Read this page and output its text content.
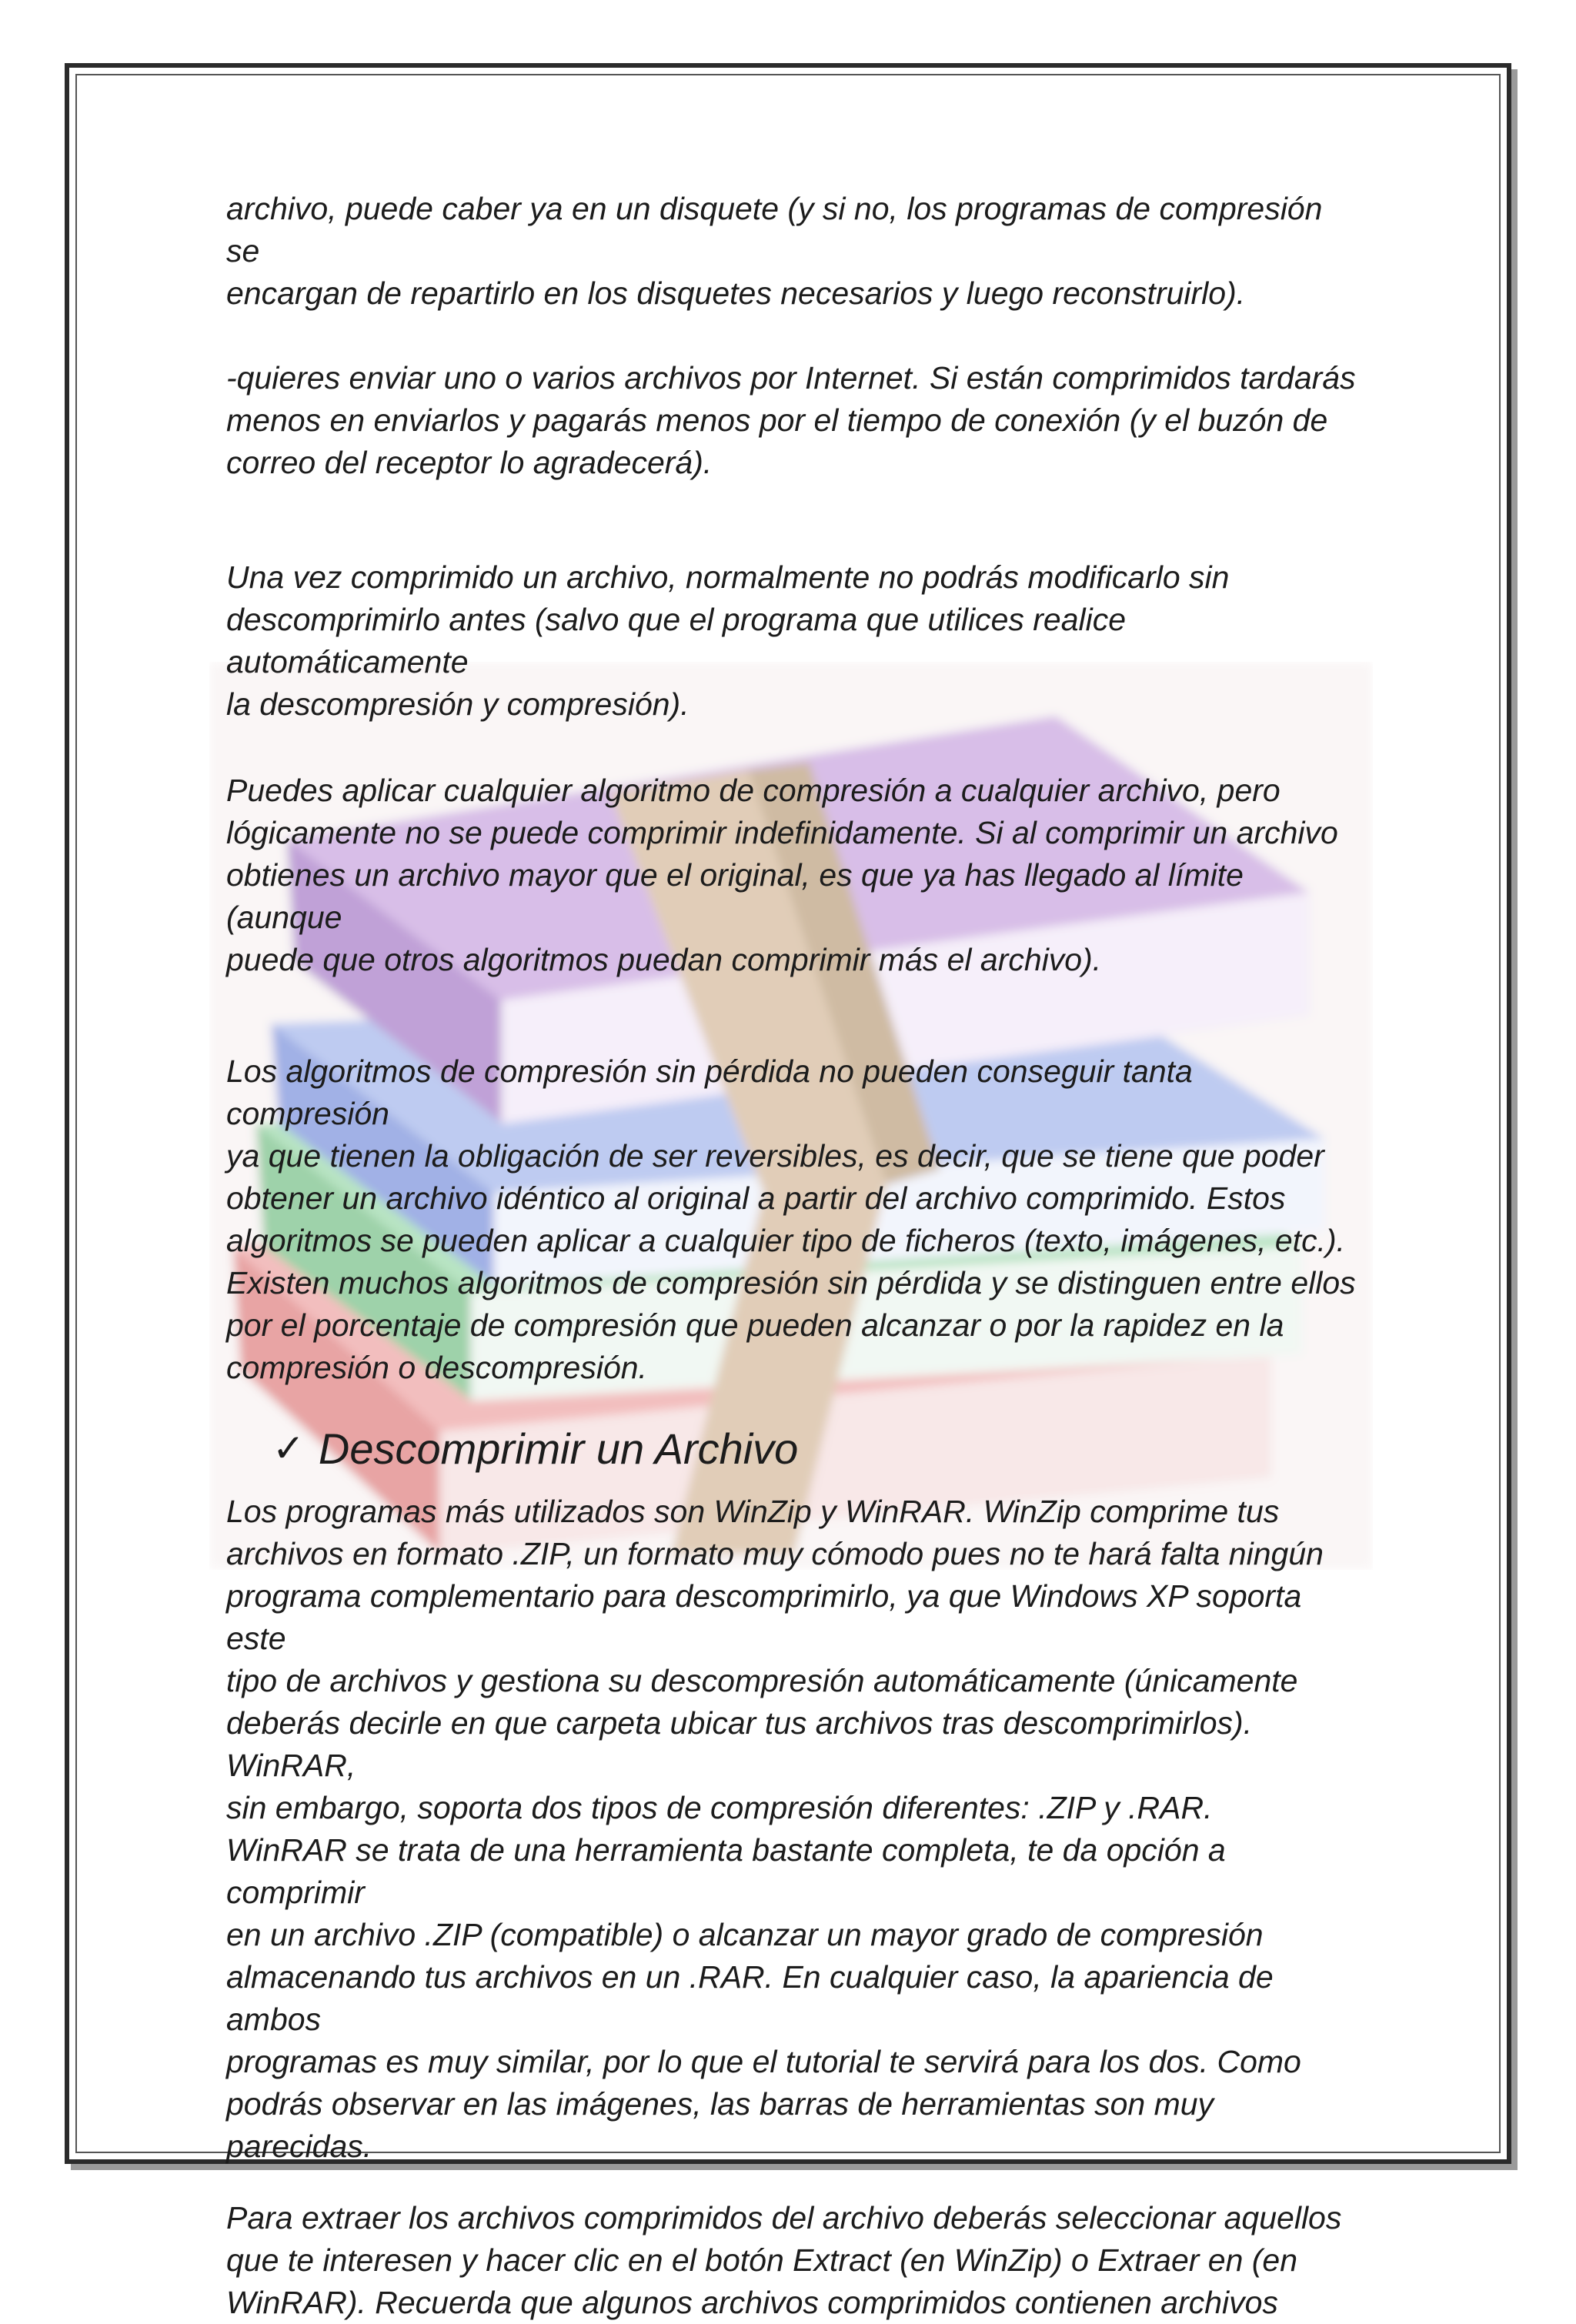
archivo, puede caber ya en un disquete (y si no, los programas de compresión se
encargan de repartirlo en los disquetes necesarios y luego reconstruirlo).

-quieres enviar uno o varios archivos por Internet. Si están comprimidos tardarás
menos en enviarlos y pagarás menos por el tiempo de conexión (y el buzón de
correo del receptor lo agradecerá).

Una vez comprimido un archivo, normalmente no podrás modificarlo sin
descomprimirlo antes (salvo que el programa que utilices realice automáticamente
la descompresión y compresión).

Puedes aplicar cualquier algoritmo de compresión a cualquier archivo, pero
lógicamente no se puede comprimir indefinidamente. Si al comprimir un archivo
obtienes un archivo mayor que el original, es que ya has llegado al límite (aunque
puede que otros algoritmos puedan comprimir más el archivo).

Los algoritmos de compresión sin pérdida no pueden conseguir tanta compresión
ya que tienen la obligación de ser reversibles, es decir, que se tiene que poder
obtener un archivo idéntico al original a partir del archivo comprimido. Estos
algoritmos se pueden aplicar a cualquier tipo de ficheros (texto, imágenes, etc.).
Existen muchos algoritmos de compresión sin pérdida y se distinguen entre ellos
por el porcentaje de compresión que pueden alcanzar o por la rapidez en la
compresión o descompresión.

✓ Descomprimir un Archivo

Los programas más utilizados son WinZip y WinRAR. WinZip comprime tus
archivos en formato .ZIP, un formato muy cómodo pues no te hará falta ningún
programa complementario para descomprimirlo, ya que Windows XP soporta este
tipo de archivos y gestiona su descompresión automáticamente (únicamente
deberás decirle en que carpeta ubicar tus archivos tras descomprimirlos). WinRAR,
sin embargo, soporta dos tipos de compresión diferentes: .ZIP y .RAR.
WinRAR se trata de una herramienta bastante completa, te da opción a comprimir
en un archivo .ZIP (compatible) o alcanzar un mayor grado de compresión
almacenando tus archivos en un .RAR. En cualquier caso, la apariencia de ambos
programas es muy similar, por lo que el tutorial te servirá para los dos. Como
podrás observar en las imágenes, las barras de herramientas son muy parecidas.

Para extraer los archivos comprimidos del archivo deberás seleccionar aquellos
que te interesen y hacer clic en el botón Extract (en WinZip) o Extraer en (en
WinRAR). Recuerda que algunos archivos comprimidos contienen archivos
